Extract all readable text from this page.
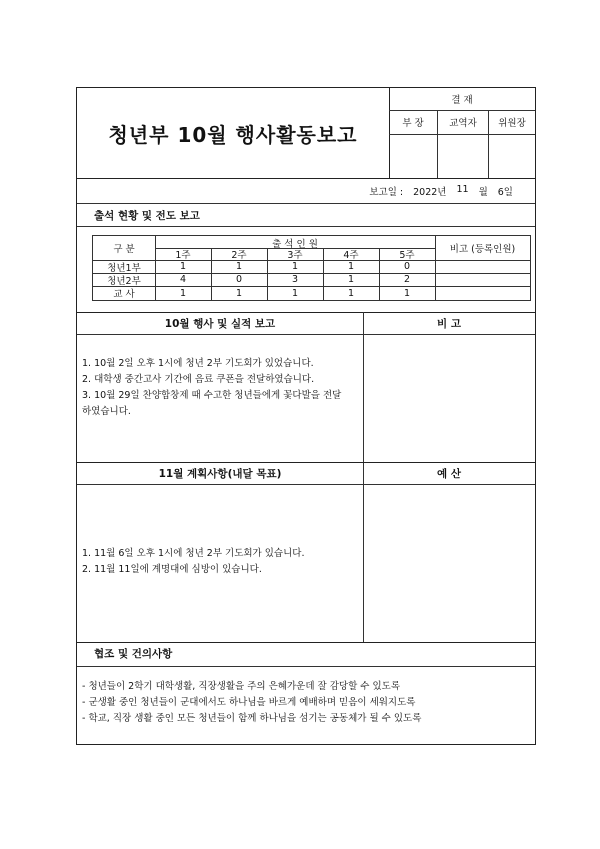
청년부 10월 행사활동보고
결 재
부 장	교역자	위원장
보고일 : 2022년 11 월 6일
출석 현황 및 전도 보고
구 분	출 석 인 원	비고 (등록인원)
1주	2주	3주	4주	5주
청년1부	1	1	1	1	0
청년2부	4	0	3	1	2
교 사	1	1	1	1	1
10월 행사 및 실적 보고	비 고
1. 10월 2일 오후 1시에 청년 2부 기도회가 있었습니다.
2. 대학생 중간고사 기간에 음료 쿠폰을 전달하였습니다.
3. 10월 29일 찬양합창제 때 수고한 청년들에게 꽃다발을 전달
하였습니다.
11월 계획사항(내달 목표)	예 산
1. 11월 6일 오후 1시에 청년 2부 기도회가 있습니다.
2. 11월 11일에 계명대에 심방이 있습니다.
협조 및 건의사항
- 청년들이 2학기 대학생활, 직장생활을 주의 은혜가운데 잘 감당할 수 있도록
- 군생활 중인 청년들이 군대에서도 하나님을 바르게 예배하며 믿음이 세워지도록
- 학교, 직장 생활 중인 모든 청년들이 함께 하나님을 섬기는 공동체가 될 수 있도록
